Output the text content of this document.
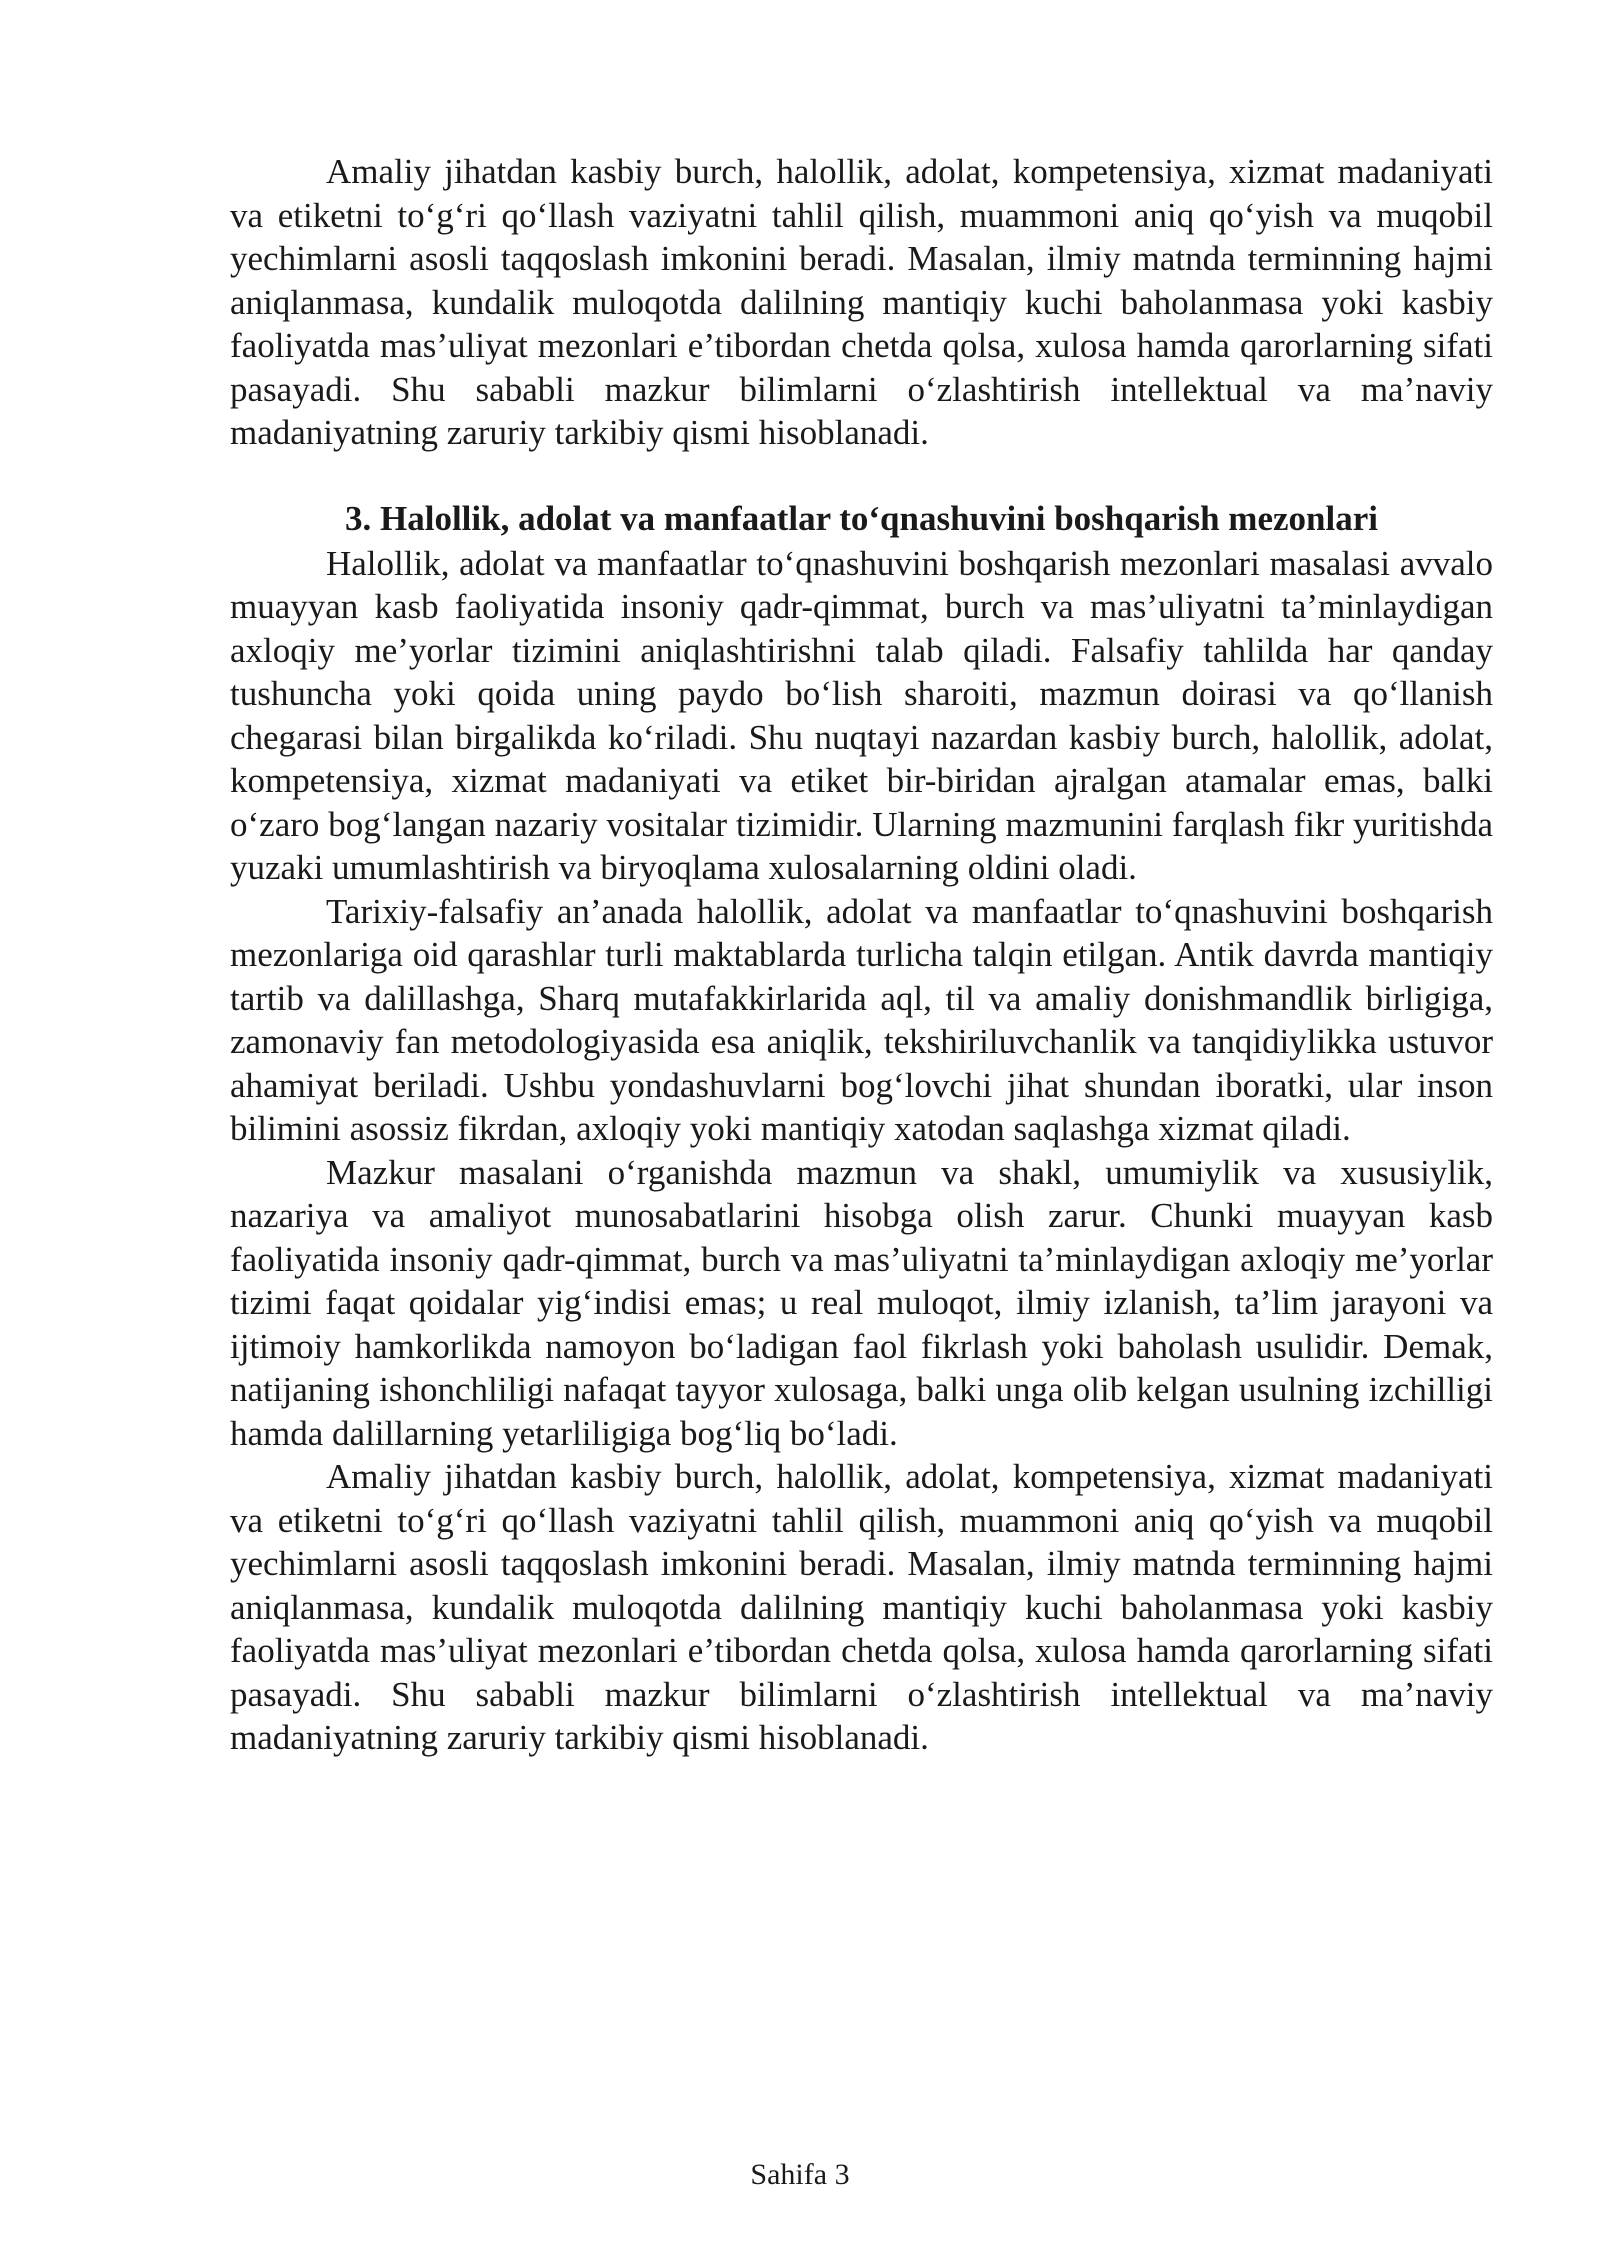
Amaliy jihatdan kasbiy burch, halollik, adolat, kompetensiya, xizmat madaniyati va etiketni to‘g‘ri qo‘llash vaziyatni tahlil qilish, muammoni aniq qo‘yish va muqobil yechimlarni asosli taqqoslash imkonini beradi. Masalan, ilmiy matnda terminning hajmi aniqlanmasa, kundalik muloqotda dalilning mantiqiy kuchi baholanmasa yoki kasbiy faoliyatda mas’uliyat mezonlari e’tibordan chetda qolsa, xulosa hamda qarorlarning sifati pasayadi. Shu sababli mazkur bilimlarni o‘zlashtirish intellektual va ma’naviy madaniyatning zaruriy tarkibiy qismi hisoblanadi.

3. Halollik, adolat va manfaatlar to‘qnashuvini boshqarish mezonlari

Halollik, adolat va manfaatlar to‘qnashuvini boshqarish mezonlari masalasi avvalo muayyan kasb faoliyatida insoniy qadr-qimmat, burch va mas’uliyatni ta’minlaydigan axloqiy me’yorlar tizimini aniqlashtirishni talab qiladi. Falsafiy tahlilda har qanday tushuncha yoki qoida uning paydo bo‘lish sharoiti, mazmun doirasi va qo‘llanish chegarasi bilan birgalikda ko‘riladi. Shu nuqtayi nazardan kasbiy burch, halollik, adolat, kompetensiya, xizmat madaniyati va etiket bir-biridan ajralgan atamalar emas, balki o‘zaro bog‘langan nazariy vositalar tizimidir. Ularning mazmunini farqlash fikr yuritishda yuzaki umumlashtirish va biryoqlama xulosalarning oldini oladi.

Tarixiy-falsafiy an’anada halollik, adolat va manfaatlar to‘qnashuvini boshqarish mezonlariga oid qarashlar turli maktablarda turlicha talqin etilgan. Antik davrda mantiqiy tartib va dalillashga, Sharq mutafakkirlarida aql, til va amaliy donishmandlik birligiga, zamonaviy fan metodologiyasida esa aniqlik, tekshiriluvchanlik va tanqidiylikka ustuvor ahamiyat beriladi. Ushbu yondashuvlarni bog‘lovchi jihat shundan iboratki, ular inson bilimini asossiz fikrdan, axloqiy yoki mantiqiy xatodan saqlashga xizmat qiladi.

Mazkur masalani o‘rganishda mazmun va shakl, umumiylik va xususiylik, nazariya va amaliyot munosabatlarini hisobga olish zarur. Chunki muayyan kasb faoliyatida insoniy qadr-qimmat, burch va mas’uliyatni ta’minlaydigan axloqiy me’yorlar tizimi faqat qoidalar yig‘indisi emas; u real muloqot, ilmiy izlanish, ta’lim jarayoni va ijtimoiy hamkorlikda namoyon bo‘ladigan faol fikrlash yoki baholash usulidir. Demak, natijaning ishonchliligi nafaqat tayyor xulosaga, balki unga olib kelgan usulning izchilligi hamda dalillarning yetarliligiga bog‘liq bo‘ladi.

Amaliy jihatdan kasbiy burch, halollik, adolat, kompetensiya, xizmat madaniyati va etiketni to‘g‘ri qo‘llash vaziyatni tahlil qilish, muammoni aniq qo‘yish va muqobil yechimlarni asosli taqqoslash imkonini beradi. Masalan, ilmiy matnda terminning hajmi aniqlanmasa, kundalik muloqotda dalilning mantiqiy kuchi baholanmasa yoki kasbiy faoliyatda mas’uliyat mezonlari e’tibordan chetda qolsa, xulosa hamda qarorlarning sifati pasayadi. Shu sababli mazkur bilimlarni o‘zlashtirish intellektual va ma’naviy madaniyatning zaruriy tarkibiy qismi hisoblanadi.

Sahifa 3
